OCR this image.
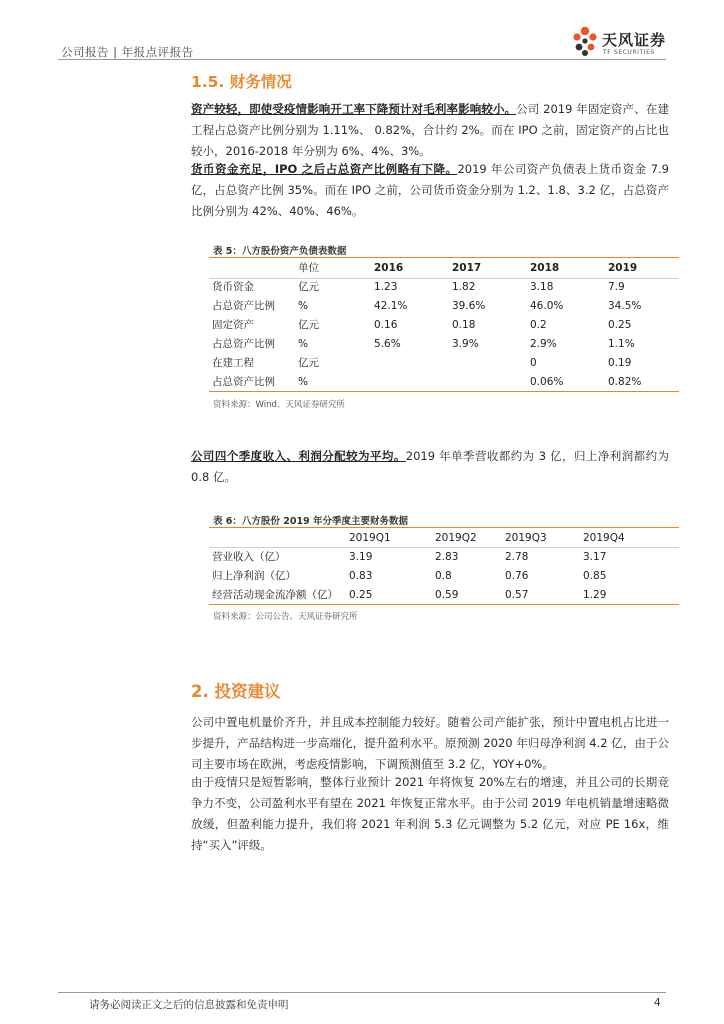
公司报告 | 年报点评报告
天风证券
TF SECURITIES
1.5. 财务情况
资产较轻，即使受疫情影响开工率下降预计对毛利率影响较小。公司 2019 年固定资产、在建工程占总资产比例分别为 1.11%、 0.82%，合计约 2%。而在 IPO 之前，固定资产的占比也较小，2016-2018 年分别为 6%、4%、3%。
货币资金充足，IPO 之后占总资产比例略有下降。2019 年公司资产负债表上货币资金 7.9 亿，占总资产比例 35%。而在 IPO 之前，公司货币资金分别为 1.2、1.8、3.2 亿，占总资产比例分别为 42%、40%、46%。
表 5：八方股份资产负债表数据
	单位	2016	2017	2018	2019
货币资金	亿元	1.23	1.82	3.18	7.9
占总资产比例	%	42.1%	39.6%	46.0%	34.5%
固定资产	亿元	0.16	0.18	0.2	0.25
占总资产比例	%	5.6%	3.9%	2.9%	1.1%
在建工程	亿元			0	0.19
占总资产比例	%			0.06%	0.82%
资料来源：Wind、天风证券研究所
公司四个季度收入、利润分配较为平均。2019 年单季营收都约为 3 亿，归上净利润都约为 0.8 亿。
表 6：八方股份 2019 年分季度主要财务数据
	2019Q1	2019Q2	2019Q3	2019Q4
营业收入（亿）	3.19	2.83	2.78	3.17
归上净利润（亿）	0.83	0.8	0.76	0.85
经营活动现金流净额（亿）	0.25	0.59	0.57	1.29
资料来源：公司公告、天风证券研究所
2. 投资建议
公司中置电机量价齐升，并且成本控制能力较好。随着公司产能扩张，预计中置电机占比进一步提升，产品结构进一步高端化，提升盈利水平。原预测 2020 年归母净利润 4.2 亿，由于公司主要市场在欧洲，考虑疫情影响，下调预测值至 3.2 亿，YOY+0%。
由于疫情只是短暂影响，整体行业预计 2021 年将恢复 20%左右的增速，并且公司的长期竞争力不变，公司盈利水平有望在 2021 年恢复正常水平。由于公司 2019 年电机销量增速略微放缓，但盈利能力提升，我们将 2021 年利润 5.3 亿元调整为 5.2 亿元，对应 PE 16x，维持“买入”评级。
请务必阅读正文之后的信息披露和免责申明	4
